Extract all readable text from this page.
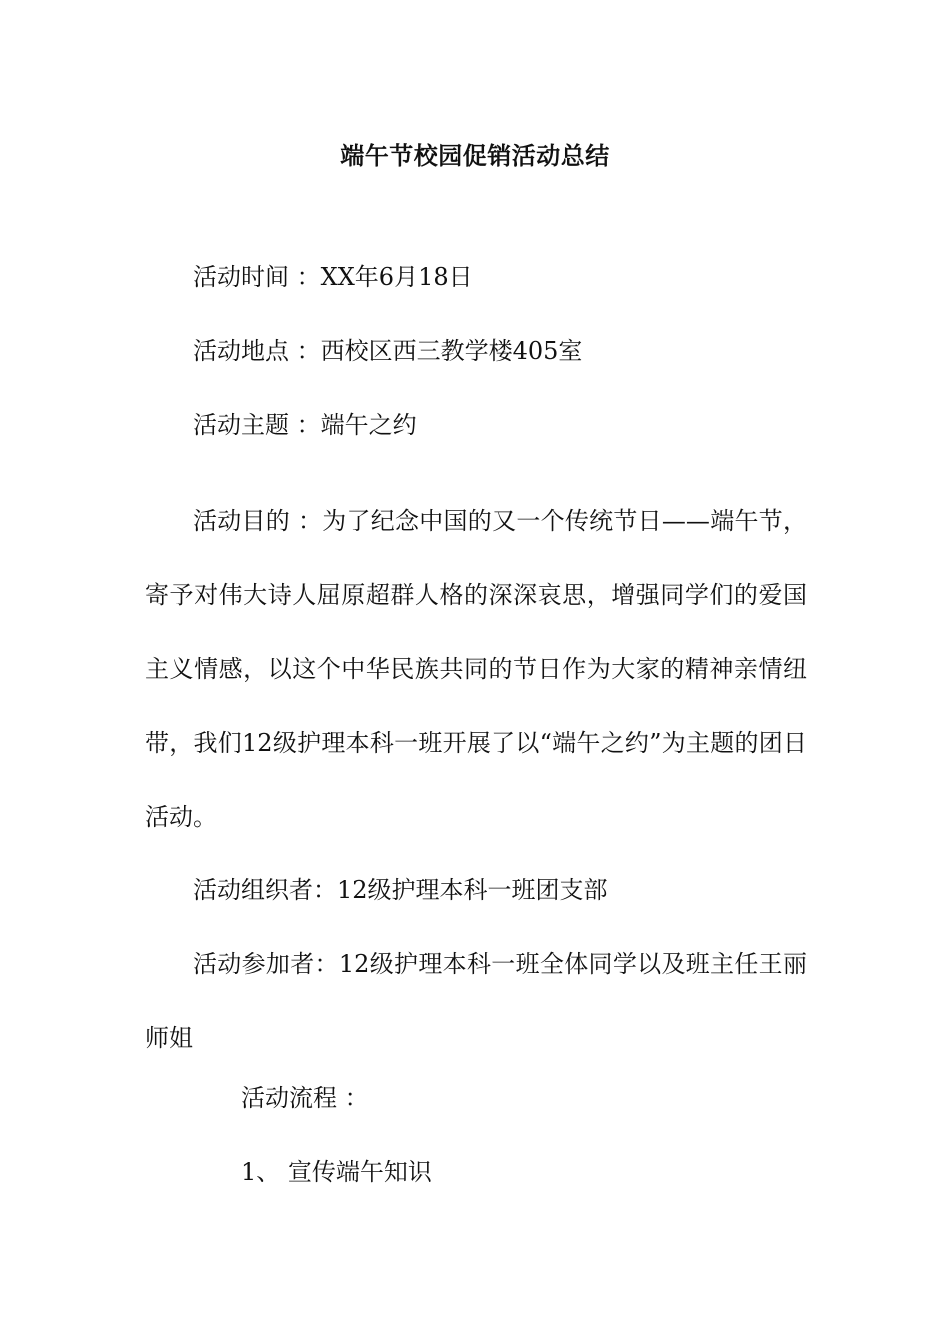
端午节校园促销活动总结
活动时间 ：XX年6月18日
活动地点 ：西校区西三教学楼405室
活动主题 ：端午之约

活动目的 ：为了纪念中国的又一个传统节日——端午节，寄予对伟大诗人屈原超群人格的深深哀思，增强同学们的爱国主义情感，以这个中华民族共同的节日作为大家的精神亲情纽带，我们12级护理本科一班开展了以“端午之约”为主题的团日活动。

活动组织者：12级护理本科一班团支部

活动参加者：12级护理本科一班全体同学以及班主任王丽师姐

活动流程 ：
1、 宣传端午知识
